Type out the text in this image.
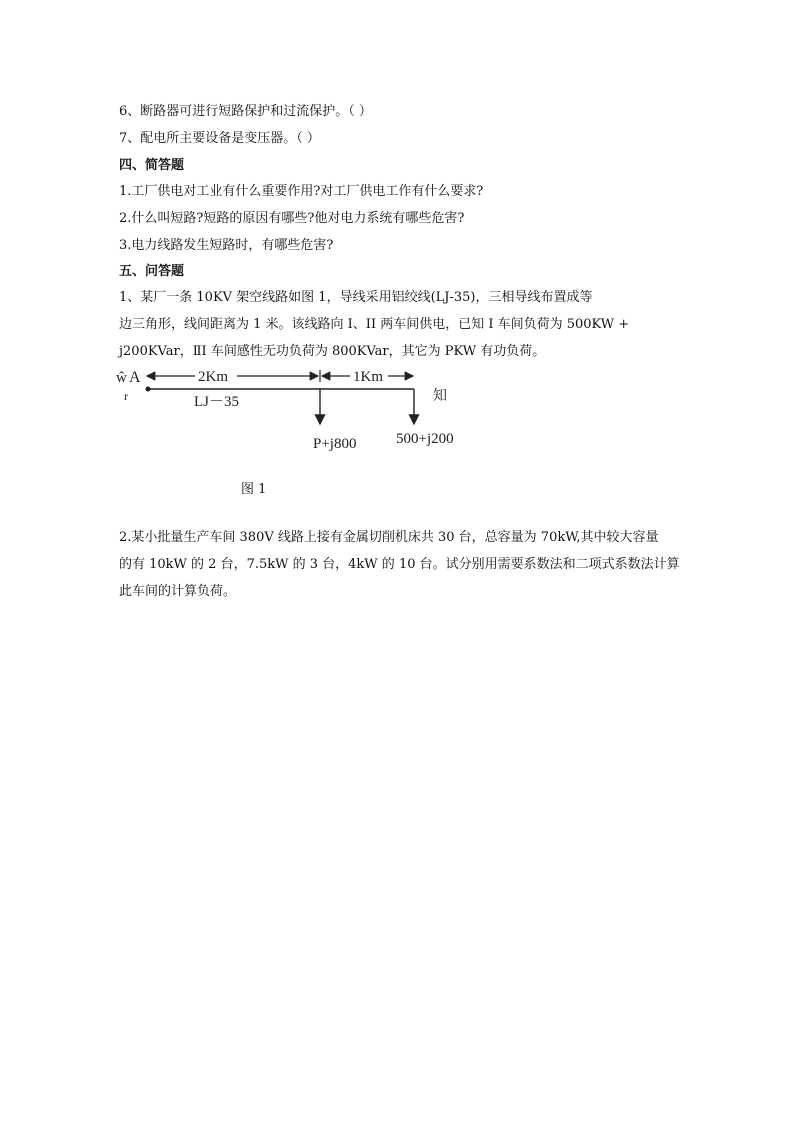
6、断路器可进行短路保护和过流保护。（ ）
7、配电所主要设备是变压器。（ ）
四、简答题
1.工厂供电对工业有什么重要作用?对工厂供电工作有什么要求?
2.什么叫短路?短路的原因有哪些?他对电力系统有哪些危害?
3.电力线路发生短路时，有哪些危害?
五、问答题
1、某厂一条 10KV 架空线路如图 1，导线采用铝绞线(LJ-35)，三相导线布置成等
边三角形，线间距离为 1 米。该线路向 I、II 两车间供电，已知 I 车间负荷为 500KW +
j200KVar，ⅡI 车间感性无功负荷为 800KVar，其它为 PKW 有功负荷。
ŵ
r
A	2Km	1Km
LJ－35
P+j800	500+j200
知
图 1
2.某小批量生产车间 380V 线路上接有金属切削机床共 30 台，总容量为 70kW,其中较大容量
的有 10kW 的 2 台，7.5kW 的 3 台，4kW 的 10 台。试分别用需要系数法和二项式系数法计算
此车间的计算负荷。
